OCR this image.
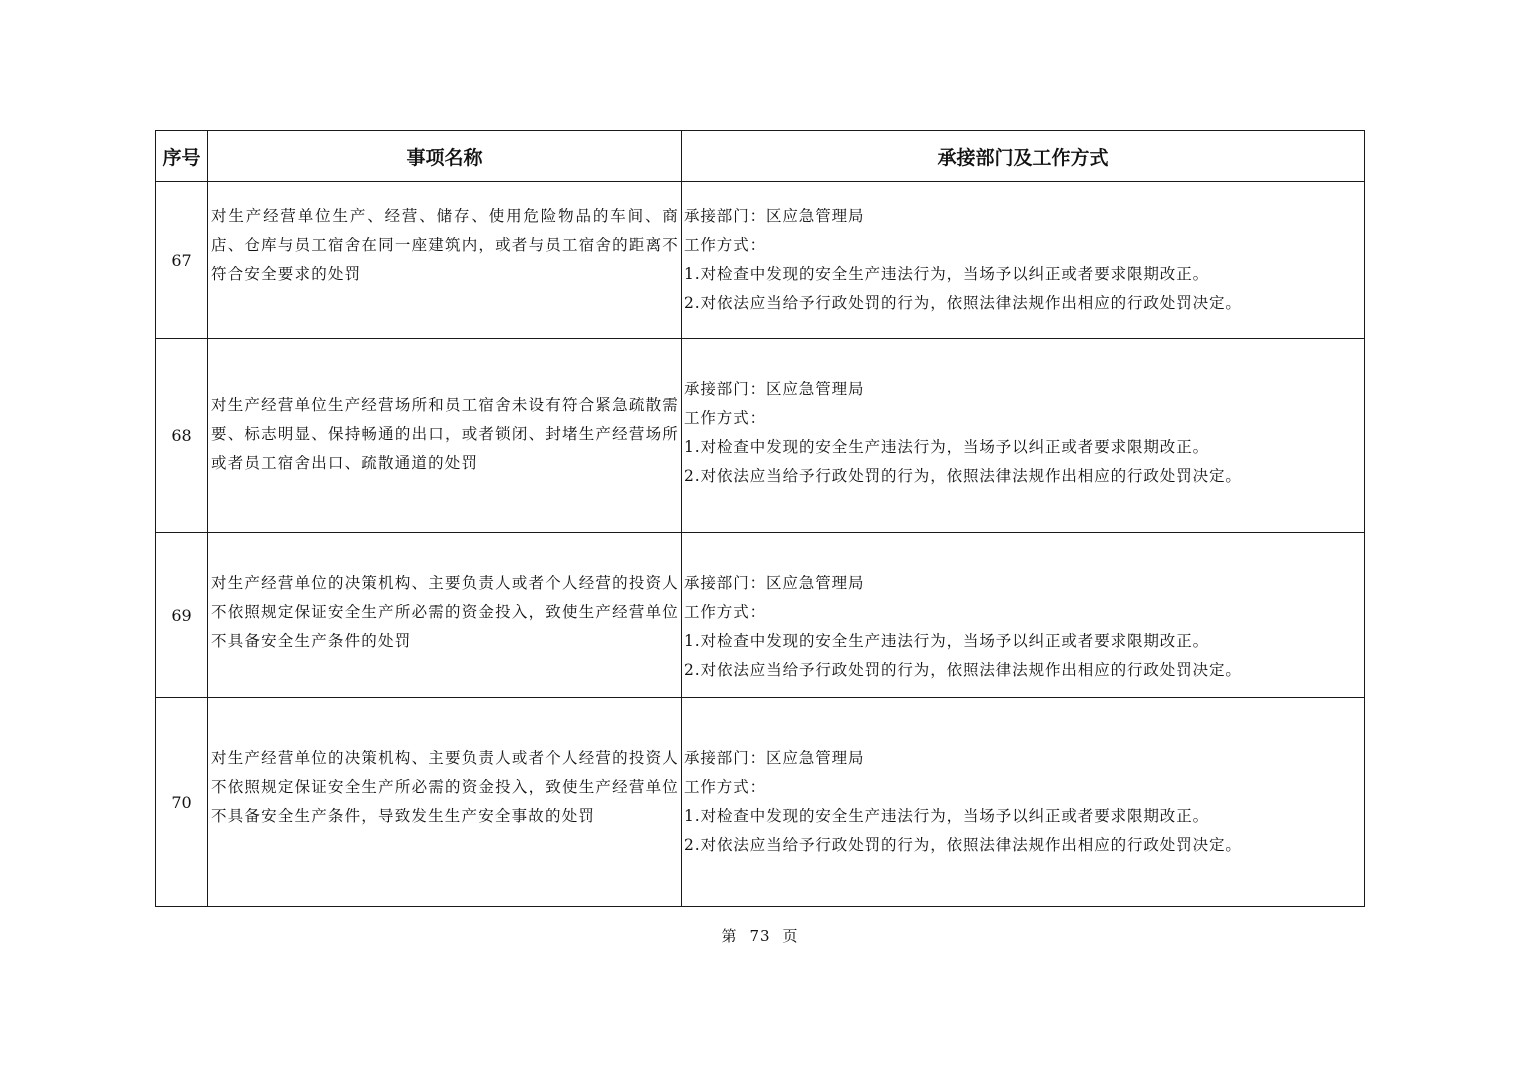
序号	事项名称	承接部门及工作方式
67	对生产经营单位生产、经营、储存、使用危险物品的车间、商店、仓库与员工宿舍在同一座建筑内，或者与员工宿舍的距离不符合安全要求的处罚	承接部门：区应急管理局
工作方式：
1.对检查中发现的安全生产违法行为，当场予以纠正或者要求限期改正。
2.对依法应当给予行政处罚的行为，依照法律法规作出相应的行政处罚决定。

68	对生产经营单位生产经营场所和员工宿舍未设有符合紧急疏散需要、标志明显、保持畅通的出口，或者锁闭、封堵生产经营场所或者员工宿舍出口、疏散通道的处罚	承接部门：区应急管理局
工作方式：
1.对检查中发现的安全生产违法行为，当场予以纠正或者要求限期改正。
2.对依法应当给予行政处罚的行为，依照法律法规作出相应的行政处罚决定。

69	对生产经营单位的决策机构、主要负责人或者个人经营的投资人不依照规定保证安全生产所必需的资金投入，致使生产经营单位不具备安全生产条件的处罚	承接部门：区应急管理局
工作方式：
1.对检查中发现的安全生产违法行为，当场予以纠正或者要求限期改正。
2.对依法应当给予行政处罚的行为，依照法律法规作出相应的行政处罚决定。

70	对生产经营单位的决策机构、主要负责人或者个人经营的投资人不依照规定保证安全生产所必需的资金投入，致使生产经营单位不具备安全生产条件，导致发生生产安全事故的处罚	承接部门：区应急管理局
工作方式：
1.对检查中发现的安全生产违法行为，当场予以纠正或者要求限期改正。
2.对依法应当给予行政处罚的行为，依照法律法规作出相应的行政处罚决定。
第 73 页
